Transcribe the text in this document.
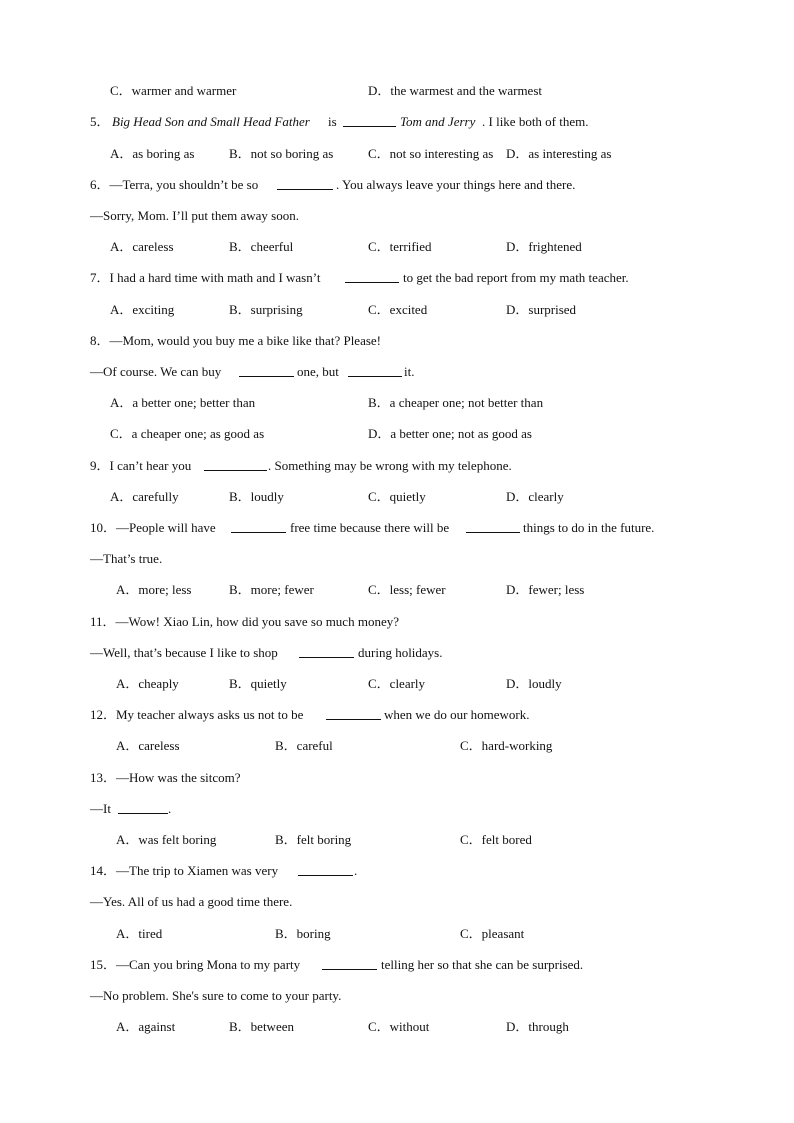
C．warmer and warmer	D．the warmest and the warmest
5． Big Head Son and Small Head Father is	Tom and Jerry . I like both of them.
A．as boring as	B．not so boring as	C．not so interesting as D．as interesting as
6．—Terra, you shouldn’t be so	. You always leave your things here and there.
—Sorry, Mom. I’ll put them away soon.
A．careless	B．cheerful	C．terrified	D．frightened
7．I had a hard time with math and I wasn’t	to get the bad report from my math teacher.
A．exciting	B．surprising	C．excited	D．surprised
8．—Mom, would you buy me a bike like that? Please!
—Of course. We can buy	one, but	it.
A．a better one; better than	B．a cheaper one; not better than
C．a cheaper one; as good as	D．a better one; not as good as
9．I can’t hear you	. Something may be wrong with my telephone.
A．carefully	B．loudly	C．quietly	D．clearly
10．—People will have	free time because there will be	things to do in the future.
—That’s true.
A．more; less	B．more; fewer	C．less; fewer	D．fewer; less
11．—Wow! Xiao Lin, how did you save so much money?
—Well, that’s because I like to shop	during holidays.
A．cheaply	B．quietly	C．clearly	D．loudly
12．My teacher always asks us not to be	when we do our homework.
A．careless	B．careful	C．hard-working
13．—How was the sitcom?
—It	.
A．was felt boring	B．felt boring	C．felt bored
14．—The trip to Xiamen was very	.
—Yes. All of us had a good time there.
A．tired	B．boring	C．pleasant
15．—Can you bring Mona to my party	telling her so that she can be surprised.
—No problem. She's sure to come to your party.
A．against	B．between	C．without	D．through
